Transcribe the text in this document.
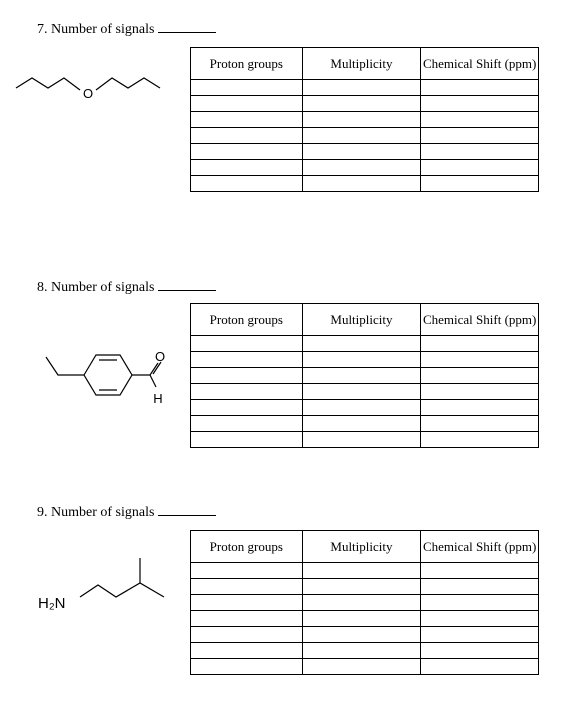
7. Number of signals
O
Proton groups	Multiplicity	Chemical Shift (ppm)

8. Number of signals
O
H
Proton groups	Multiplicity	Chemical Shift (ppm)

9. Number of signals
H₂N
Proton groups	Multiplicity	Chemical Shift (ppm)
